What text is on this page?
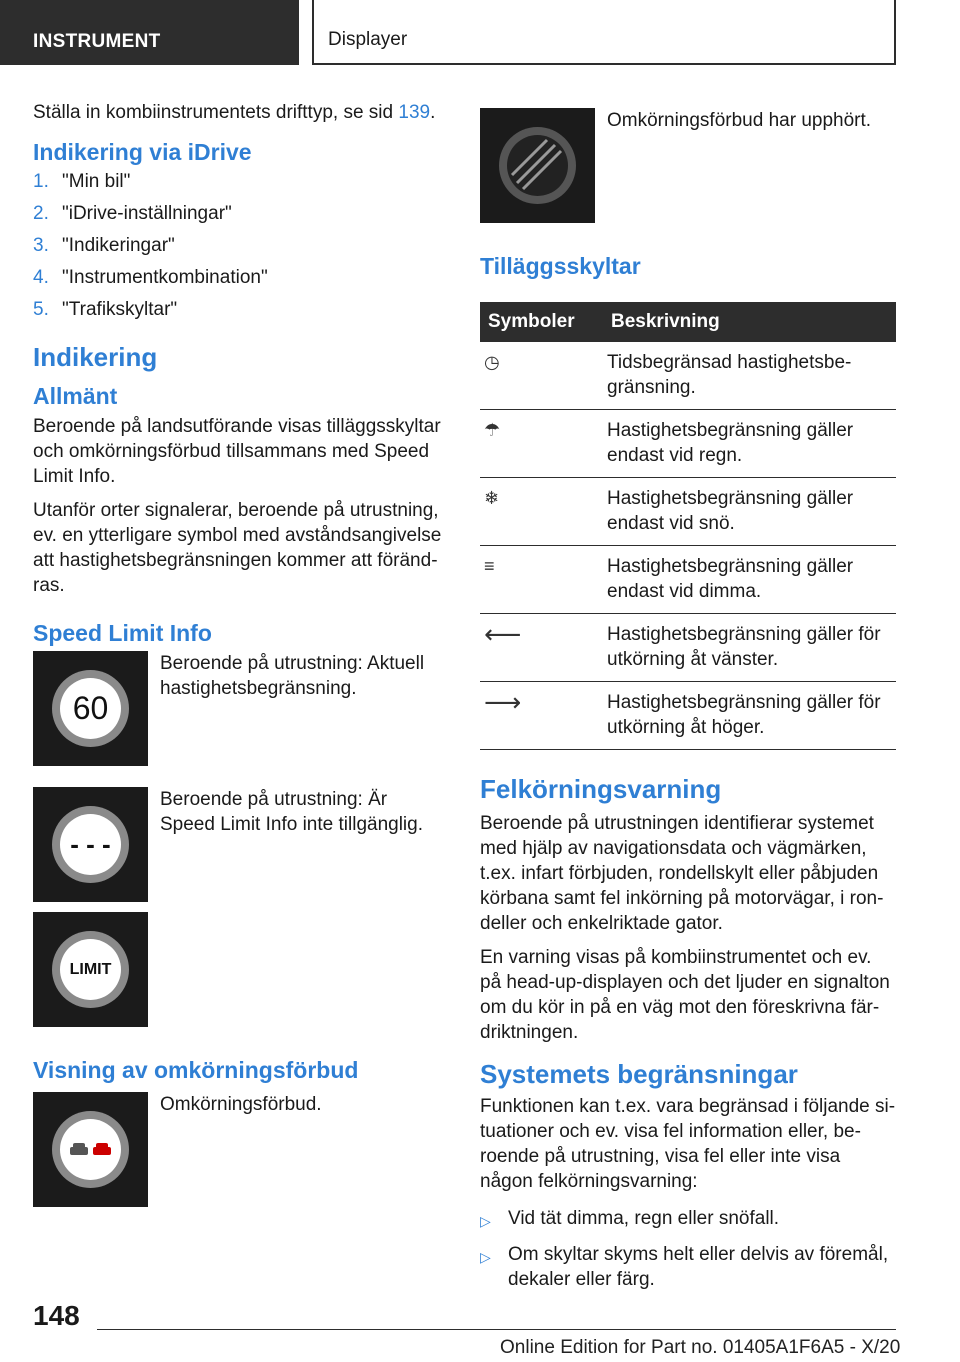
INSTRUMENT	Displayer

Ställa in kombiinstrumentets drifttyp, se sid 139.

Indikering via iDrive
1. "Min bil"
2. "iDrive-inställningar"
3. "Indikeringar"
4. "Instrumentkombination"
5. "Trafikskyltar"
Indikering
Allmänt

Beroende på landsutförande visas tilläggsskyltar och omkörningsförbud tillsammans med Speed Limit Info.

Utanför orter signalerar, beroende på utrustning, ev. en ytterligare symbol med avståndsangivelse att hastighetsbegränsningen kommer att förändras.

Speed Limit Info
60
Beroende på utrustning: Aktuell hastighetsbegränsning.
- - -
Beroende på utrustning: Är Speed Limit Info inte tillgänglig.
LIMIT
Visning av omkörningsförbud
Omkörningsförbud.
Omkörningsförbud har upphört.
Tilläggsskyltar
Symboler	Beskrivning
◷	Tidsbegränsad hastighetsbegränsning.
☂	Hastighetsbegränsning gäller endast vid regn.
❄	Hastighetsbegränsning gäller endast vid snö.
≡	Hastighetsbegränsning gäller endast vid dimma.
⟵	Hastighetsbegränsning gäller för utkörning åt vänster.
⟶	Hastighetsbegränsning gäller för utkörning åt höger.
Felkörningsvarning

Beroende på utrustningen identifierar systemet med hjälp av navigationsdata och vägmärken, t.ex. infart förbjuden, rondellskylt eller påbjuden körbana samt fel inkörning på motorvägar, i rondeller och enkelriktade gator.

En varning visas på kombiinstrumentet och ev. på head-up-displayen och det ljuder en signalton om du kör in på en väg mot den föreskrivna färdriktningen.

Systemets begränsningar

Funktionen kan t.ex. vara begränsad i följande situationer och ev. visa fel information eller, beroende på utrustning, visa fel eller inte visa någon felkörningsvarning:

▷ Vid tät dimma, regn eller snöfall.
▷ Om skyltar skyms helt eller delvis av föremål, dekaler eller färg.
148
Online Edition for Part no. 01405A1F6A5 - X/20
